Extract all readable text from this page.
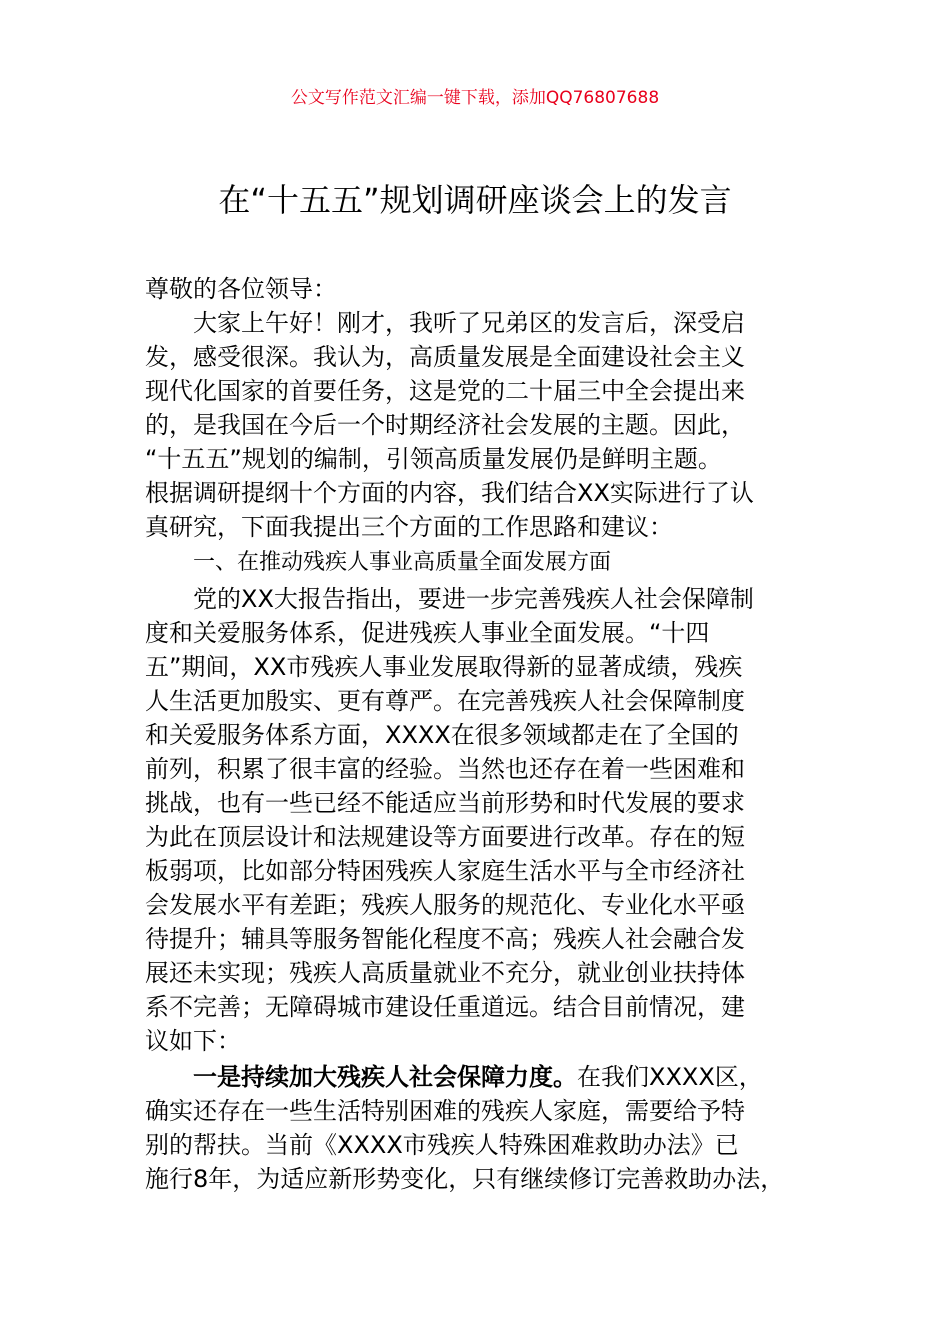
公文写作范文汇编一键下载，添加QQ76807688
在“十五五”规划调研座谈会上的发言
尊敬的各位领导：
大家上午好！刚才，我听了兄弟区的发言后，深受启
发，感受很深。我认为，高质量发展是全面建设社会主义
现代化国家的首要任务，这是党的二十届三中全会提出来
的，是我国在今后一个时期经济社会发展的主题。因此，
“十五五”规划的编制，引领高质量发展仍是鲜明主题。
根据调研提纲十个方面的内容，我们结合XX实际进行了认
真研究，下面我提出三个方面的工作思路和建议：
一、在推动残疾人事业高质量全面发展方面
党的XX大报告指出，要进一步完善残疾人社会保障制
度和关爱服务体系，促进残疾人事业全面发展。“十四
五”期间，XX市残疾人事业发展取得新的显著成绩，残疾
人生活更加殷实、更有尊严。在完善残疾人社会保障制度
和关爱服务体系方面，XXXX在很多领域都走在了全国的
前列，积累了很丰富的经验。当然也还存在着一些困难和
挑战，也有一些已经不能适应当前形势和时代发展的要求
为此在顶层设计和法规建设等方面要进行改革。存在的短
板弱项，比如部分特困残疾人家庭生活水平与全市经济社
会发展水平有差距；残疾人服务的规范化、专业化水平亟
待提升；辅具等服务智能化程度不高；残疾人社会融合发
展还未实现；残疾人高质量就业不充分，就业创业扶持体
系不完善；无障碍城市建设任重道远。结合目前情况，建
议如下：
一是持续加大残疾人社会保障力度。在我们XXXX区，
确实还存在一些生活特别困难的残疾人家庭，需要给予特
别的帮扶。当前《XXXX市残疾人特殊困难救助办法》已
施行8年，为适应新形势变化，只有继续修订完善救助办法，
